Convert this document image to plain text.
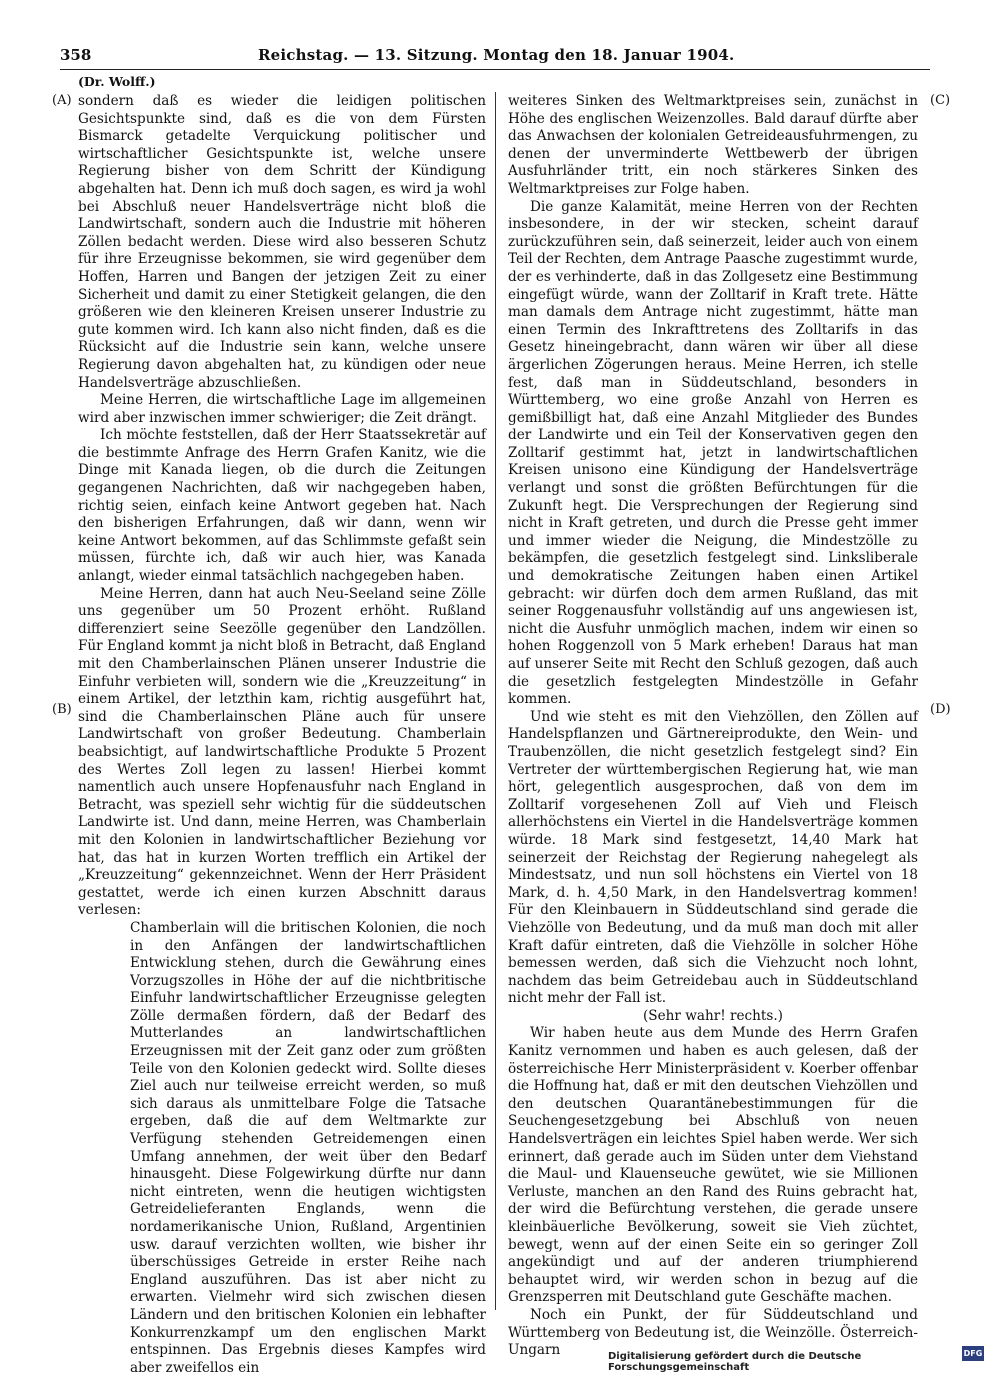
358	Reichstag. — 13. Sitzung. Montag den 18. Januar 1904.
(Dr. Wolff.)
(A)
(B)
(C)
(D)

sondern daß es wieder die leidigen politischen Gesichtspunkte sind, daß es die von dem Fürsten Bismarck getadelte Verquickung politischer und wirtschaftlicher Gesichtspunkte ist, welche unsere Regierung bisher von dem Schritt der Kündigung abgehalten hat. Denn ich muß doch sagen, es wird ja wohl bei Abschluß neuer Handelsverträge nicht bloß die Landwirtschaft, sondern auch die Industrie mit höheren Zöllen bedacht werden. Diese wird also besseren Schutz für ihre Erzeugnisse bekommen, sie wird gegenüber dem Hoffen, Harren und Bangen der jetzigen Zeit zu einer Sicherheit und damit zu einer Stetigkeit gelangen, die den größeren wie den kleineren Kreisen unserer Industrie zu gute kommen wird. Ich kann also nicht finden, daß es die Rücksicht auf die Industrie sein kann, welche unsere Regierung davon abgehalten hat, zu kündigen oder neue Handelsverträge abzuschließen.

Meine Herren, die wirtschaftliche Lage im allgemeinen wird aber inzwischen immer schwieriger; die Zeit drängt.

Ich möchte feststellen, daß der Herr Staatssekretär auf die bestimmte Anfrage des Herrn Grafen Kanitz, wie die Dinge mit Kanada liegen, ob die durch die Zeitungen gegangenen Nachrichten, daß wir nachgegeben haben, richtig seien, einfach keine Antwort gegeben hat. Nach den bisherigen Erfahrungen, daß wir dann, wenn wir keine Antwort bekommen, auf das Schlimmste gefaßt sein müssen, fürchte ich, daß wir auch hier, was Kanada anlangt, wieder einmal tatsächlich nachgegeben haben.

Meine Herren, dann hat auch Neu-Seeland seine Zölle uns gegenüber um 50 Prozent erhöht. Rußland differenziert seine Seezölle gegenüber den Landzöllen. Für England kommt ja nicht bloß in Betracht, daß England mit den Chamberlainschen Plänen unserer Industrie die Einfuhr verbieten will, sondern wie die „Kreuzzeitung“ in einem Artikel, der letzthin kam, richtig ausgeführt hat, sind die Chamberlainschen Pläne auch für unsere Landwirtschaft von großer Bedeutung. Chamberlain beabsichtigt, auf landwirtschaftliche Produkte 5 Prozent des Wertes Zoll legen zu lassen! Hierbei kommt namentlich auch unsere Hopfenausfuhr nach England in Betracht, was speziell sehr wichtig für die süddeutschen Landwirte ist. Und dann, meine Herren, was Chamberlain mit den Kolonien in landwirtschaftlicher Beziehung vor hat, das hat in kurzen Worten trefflich ein Artikel der „Kreuzzeitung“ gekennzeichnet. Wenn der Herr Präsident gestattet, werde ich einen kurzen Abschnitt daraus verlesen:

Chamberlain will die britischen Kolonien, die noch in den Anfängen der landwirtschaftlichen Entwicklung stehen, durch die Gewährung eines Vorzugszolles in Höhe der auf die nichtbritische Einfuhr landwirtschaftlicher Erzeugnisse gelegten Zölle dermaßen fördern, daß der Bedarf des Mutterlandes an landwirtschaftlichen Erzeugnissen mit der Zeit ganz oder zum größten Teile von den Kolonien gedeckt wird. Sollte dieses Ziel auch nur teilweise erreicht werden, so muß sich daraus als unmittelbare Folge die Tatsache ergeben, daß die auf dem Weltmarkte zur Verfügung stehenden Getreidemengen einen Umfang annehmen, der weit über den Bedarf hinausgeht. Diese Folgewirkung dürfte nur dann nicht eintreten, wenn die heutigen wichtigsten Getreidelieferanten Englands, wenn die nordamerikanische Union, Rußland, Argentinien usw. darauf verzichten wollten, wie bisher ihr überschüssiges Getreide in erster Reihe nach England auszuführen. Das ist aber nicht zu erwarten. Vielmehr wird sich zwischen diesen Ländern und den britischen Kolonien ein lebhafter Konkurrenzkampf um den englischen Markt entspinnen. Das Ergebnis dieses Kampfes wird aber zweifellos ein

weiteres Sinken des Weltmarktpreises sein, zunächst in Höhe des englischen Weizenzolles. Bald darauf dürfte aber das Anwachsen der kolonialen Getreideausfuhrmengen, zu denen der unverminderte Wettbewerb der übrigen Ausfuhrländer tritt, ein noch stärkeres Sinken des Weltmarktpreises zur Folge haben.

Die ganze Kalamität, meine Herren von der Rechten insbesondere, in der wir stecken, scheint darauf zurückzuführen sein, daß seinerzeit, leider auch von einem Teil der Rechten, dem Antrage Paasche zugestimmt wurde, der es verhinderte, daß in das Zollgesetz eine Bestimmung eingefügt würde, wann der Zolltarif in Kraft trete. Hätte man damals dem Antrage nicht zugestimmt, hätte man einen Termin des Inkrafttretens des Zolltarifs in das Gesetz hineingebracht, dann wären wir über all diese ärgerlichen Zögerungen heraus. Meine Herren, ich stelle fest, daß man in Süddeutschland, besonders in Württemberg, wo eine große Anzahl von Herren es gemißbilligt hat, daß eine Anzahl Mitglieder des Bundes der Landwirte und ein Teil der Konservativen gegen den Zolltarif gestimmt hat, jetzt in landwirtschaftlichen Kreisen unisono eine Kündigung der Handelsverträge verlangt und sonst die größten Befürchtungen für die Zukunft hegt. Die Versprechungen der Regierung sind nicht in Kraft getreten, und durch die Presse geht immer und immer wieder die Neigung, die Mindestzölle zu bekämpfen, die gesetzlich festgelegt sind. Linksliberale und demokratische Zeitungen haben einen Artikel gebracht: wir dürfen doch dem armen Rußland, das mit seiner Roggenausfuhr vollständig auf uns angewiesen ist, nicht die Ausfuhr unmöglich machen, indem wir einen so hohen Roggenzoll von 5 Mark erheben! Daraus hat man auf unserer Seite mit Recht den Schluß gezogen, daß auch die gesetzlich festgelegten Mindestzölle in Gefahr kommen.

Und wie steht es mit den Viehzöllen, den Zöllen auf Handelspflanzen und Gärtnereiprodukte, den Wein- und Traubenzöllen, die nicht gesetzlich festgelegt sind? Ein Vertreter der württembergischen Regierung hat, wie man hört, gelegentlich ausgesprochen, daß von dem im Zolltarif vorgesehenen Zoll auf Vieh und Fleisch allerhöchstens ein Viertel in die Handelsverträge kommen würde. 18 Mark sind festgesetzt, 14,40 Mark hat seinerzeit der Reichstag der Regierung nahegelegt als Mindestsatz, und nun soll höchstens ein Viertel von 18 Mark, d. h. 4,50 Mark, in den Handelsvertrag kommen! Für den Kleinbauern in Süddeutschland sind gerade die Viehzölle von Bedeutung, und da muß man doch mit aller Kraft dafür eintreten, daß die Viehzölle in solcher Höhe bemessen werden, daß sich die Viehzucht noch lohnt, nachdem das beim Getreidebau auch in Süddeutschland nicht mehr der Fall ist.

(Sehr wahr! rechts.)

Wir haben heute aus dem Munde des Herrn Grafen Kanitz vernommen und haben es auch gelesen, daß der österreichische Herr Ministerpräsident v. Koerber offenbar die Hoffnung hat, daß er mit den deutschen Viehzöllen und den deutschen Quarantänebestimmungen für die Seuchengesetzgebung bei Abschluß von neuen Handelsverträgen ein leichtes Spiel haben werde. Wer sich erinnert, daß gerade auch im Süden unter dem Viehstand die Maul- und Klauenseuche gewütet, wie sie Millionen Verluste, manchen an den Rand des Ruins gebracht hat, der wird die Befürchtung verstehen, die gerade unsere kleinbäuerliche Bevölkerung, soweit sie Vieh züchtet, bewegt, wenn auf der einen Seite ein so geringer Zoll angekündigt und auf der anderen triumphierend behauptet wird, wir werden schon in bezug auf die Grenzsperren mit Deutschland gute Geschäfte machen.

Noch ein Punkt, der für Süddeutschland und Württemberg von Bedeutung ist, die Weinzölle. Österreich-Ungarn	Digitalisierung gefördert durch die Deutsche Forschungsgemeinschaft
DFG
